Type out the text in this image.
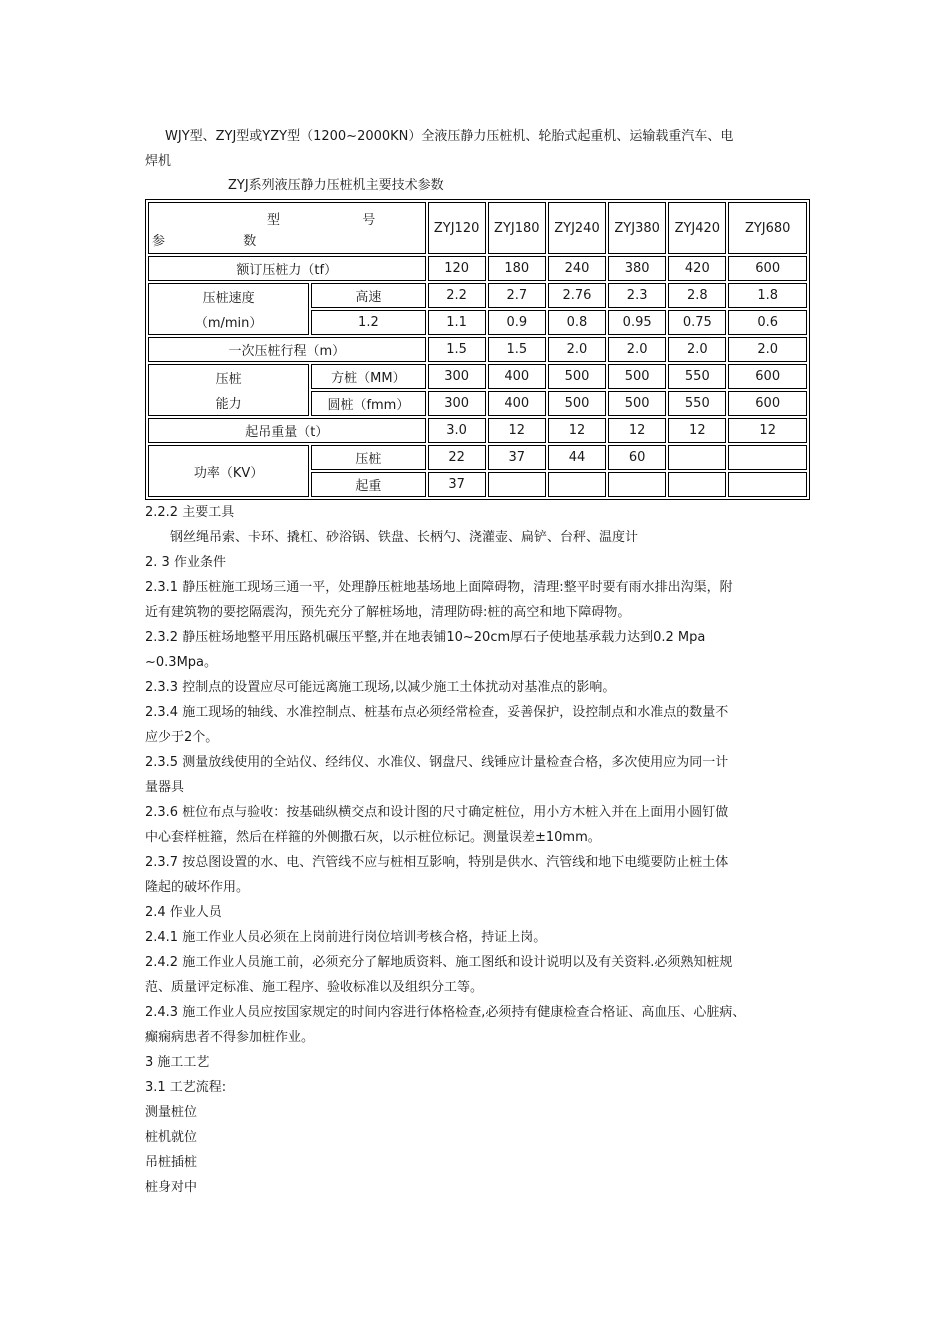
WJY型、ZYJ型或YZY型（1200~2000KN）全液压静力压桩机、轮胎式起重机、运输载重汽车、电
焊机
ZYJ系列液压静力压桩机主要技术参数
型 号
参 数		ZYJ120	ZYJ180	ZYJ240	ZYJ380	ZYJ420	ZYJ680
额订压桩力（tf）		120	180	240	380	420	600

压桩速度
（m/min）	高速	2.2	2.7	2.76	2.3	2.8	1.8
	1.2	1.1	0.9	0.8	0.95	0.75	0.6
一次压桩行程（m）		1.5	1.5	2.0	2.0	2.0	2.0

压桩
能力	方桩（MM）	300	400	500	500	550	600
	圆桩（fmm）	300	400	500	500	550	600
起吊重量（t）		3.0	12	12	12	12	12
功率（KV）	压桩	22	37	44	60		
	起重	37					
2.2.2 主要工具
钢丝绳吊索、卡环、撬杠、砂浴锅、铁盘、长柄勺、浇灌壶、扁铲、台秤、温度计
2. 3 作业条件
2.3.1 静压桩施工现场三通一平，处理静压桩地基场地上面障碍物，清理:整平时要有雨水排出沟渠，附
近有建筑物的要挖隔震沟，预先充分了解桩场地，清理防碍:桩的高空和地下障碍物。
2.3.2 静压桩场地整平用压路机碾压平整,并在地表铺10~20cm厚石子使地基承载力达到0.2 Mpa
~0.3Mpa。
2.3.3 控制点的设置应尽可能远离施工现场,以减少施工土体扰动对基准点的影响。
2.3.4 施工现场的轴线、水准控制点、桩基布点必须经常检查，妥善保护，设控制点和水准点的数量不
应少于2个。
2.3.5 测量放线使用的全站仪、经纬仪、水准仪、钢盘尺、线锤应计量检查合格，多次使用应为同一计
量器具
2.3.6 桩位布点与验收：按基础纵横交点和设计图的尺寸确定桩位，用小方木桩入并在上面用小圆钉做
中心套样桩箍，然后在样箍的外侧撒石灰，以示桩位标记。测量误差±10mm。
2.3.7 按总图设置的水、电、汽管线不应与桩相互影响，特别是供水、汽管线和地下电缆要防止桩土体
隆起的破坏作用。
2.4 作业人员
2.4.1 施工作业人员必须在上岗前进行岗位培训考核合格，持证上岗。
2.4.2 施工作业人员施工前，必须充分了解地质资料、施工图纸和设计说明以及有关资料.必须熟知桩规
范、质量评定标准、施工程序、验收标准以及组织分工等。
2.4.3 施工作业人员应按国家规定的时间内容进行体格检查,必须持有健康检查合格证、高血压、心脏病、
癫痫病患者不得参加桩作业。
3 施工工艺
3.1 工艺流程:
测量桩位
桩机就位
吊桩插桩
桩身对中
